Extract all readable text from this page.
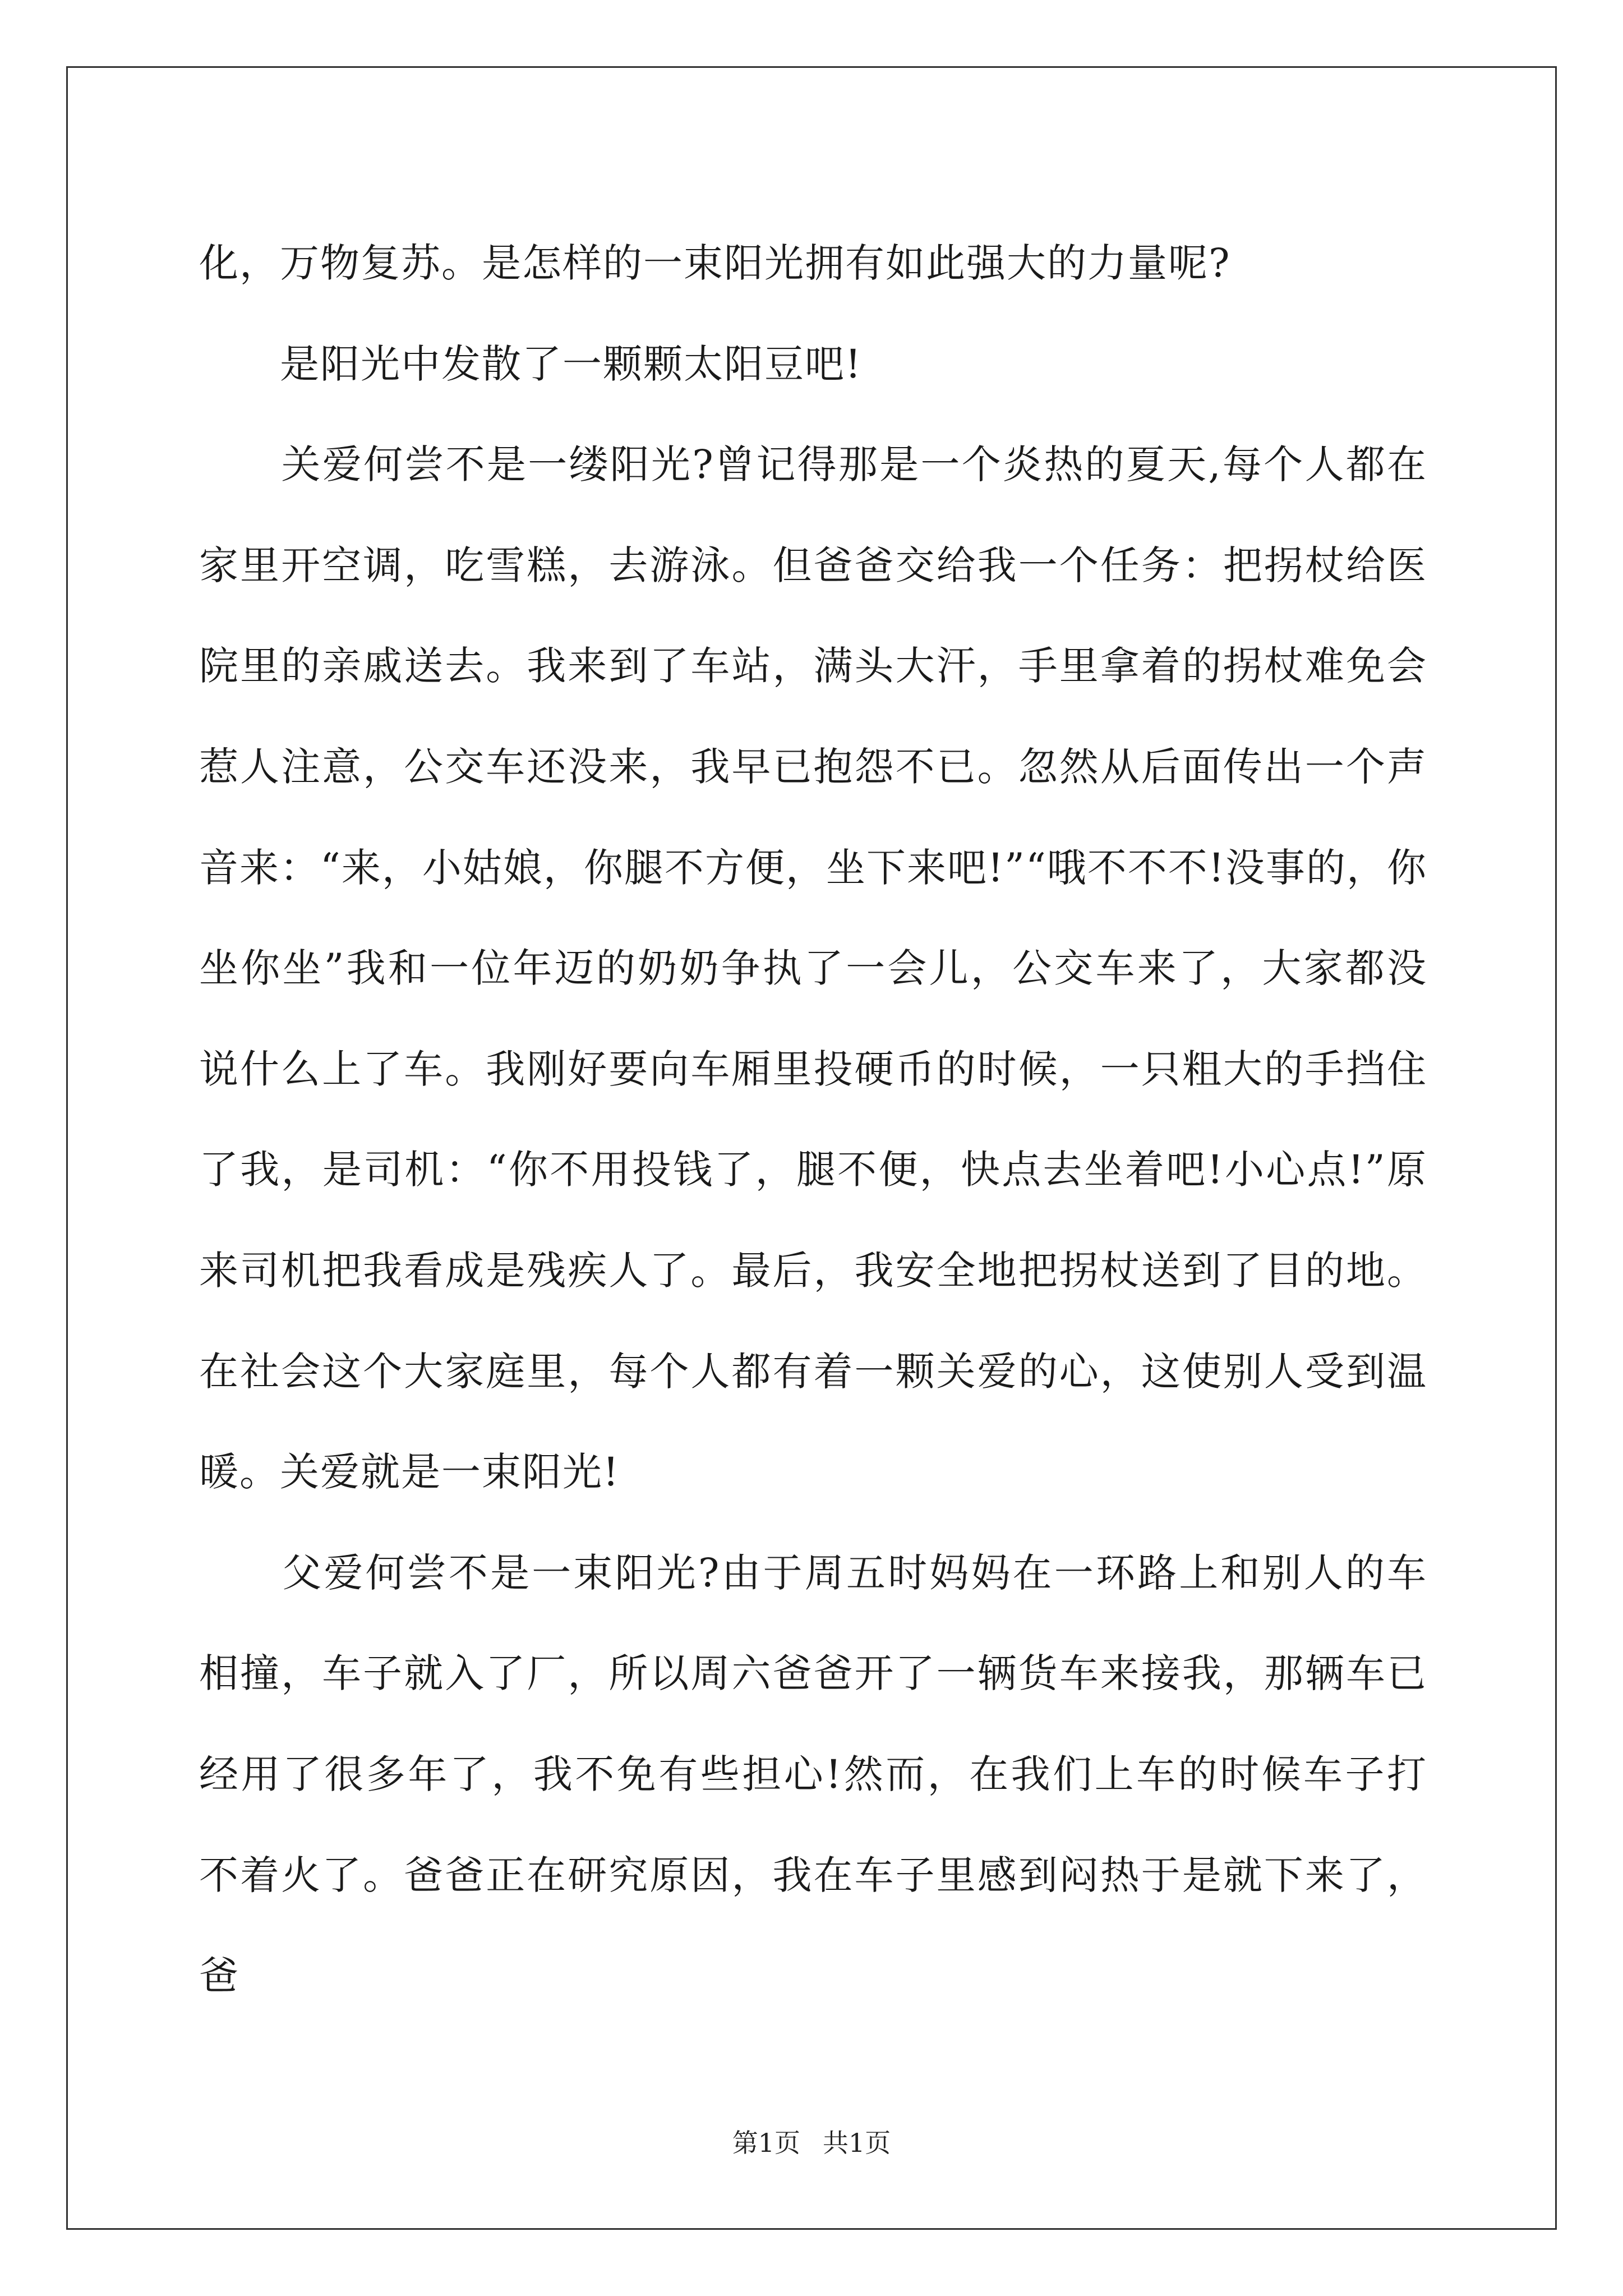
化，万物复苏。是怎样的一束阳光拥有如此强大的力量呢?

　　是阳光中发散了一颗颗太阳豆吧!

　　关爱何尝不是一缕阳光?曾记得那是一个炎热的夏天,每个人都在家里开空调，吃雪糕，去游泳。但爸爸交给我一个任务：把拐杖给医院里的亲戚送去。我来到了车站，满头大汗，手里拿着的拐杖难免会惹人注意，公交车还没来，我早已抱怨不已。忽然从后面传出一个声音来：“来，小姑娘，你腿不方便，坐下来吧!”“哦不不不!没事的，你坐你坐”我和一位年迈的奶奶争执了一会儿，公交车来了，大家都没说什么上了车。我刚好要向车厢里投硬币的时候，一只粗大的手挡住了我，是司机：“你不用投钱了，腿不便，快点去坐着吧!小心点!”原来司机把我看成是残疾人了。最后，我安全地把拐杖送到了目的地。在社会这个大家庭里，每个人都有着一颗关爱的心，这使别人受到温暖。关爱就是一束阳光!

　　父爱何尝不是一束阳光?由于周五时妈妈在一环路上和别人的车相撞，车子就入了厂，所以周六爸爸开了一辆货车来接我，那辆车已经用了很多年了，我不免有些担心!然而，在我们上车的时候车子打不着火了。爸爸正在研究原因，我在车子里感到闷热于是就下来了，爸

第1页 共1页
